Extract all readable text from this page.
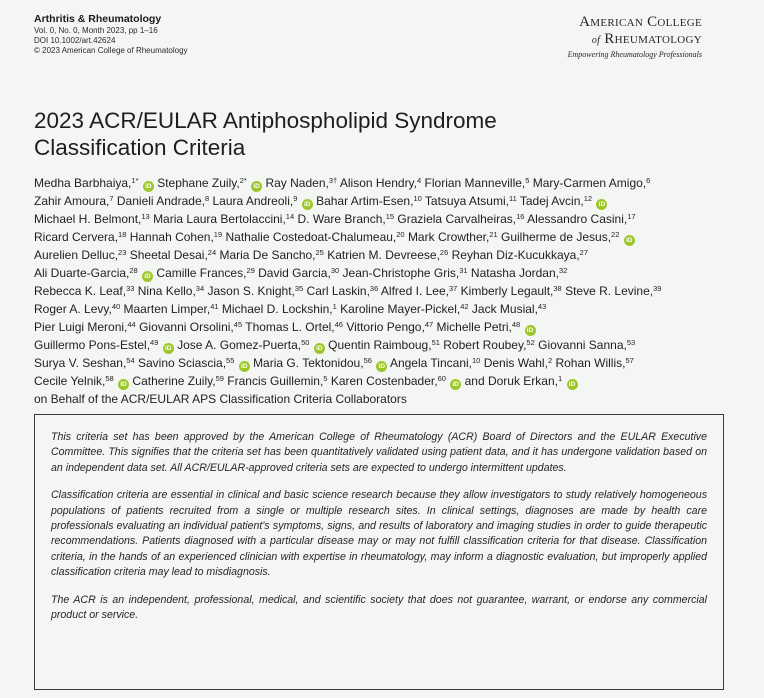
Arthritis & Rheumatology
Vol. 0, No. 0, Month 2023, pp 1–16
DOI 10.1002/art.42624
© 2023 American College of Rheumatology
American College
of Rheumatology
Empowering Rheumatology Professionals
2023 ACR/EULAR Antiphospholipid Syndrome
Classification Criteria
Medha Barbhaiya,$^{1*}$ iD Stephane Zuily,$^{2*}$ iD Ray Naden,$^{3\dagger}$ Alison Hendry,$^4$ Florian Manneville,$^5$ Mary-Carmen Amigo,$^6$
Zahir Amoura,$^7$ Danieli Andrade,$^8$ Laura Andreoli,$^9$ iD Bahar Artim-Esen,$^{10}$ Tatsuya Atsumi,$^{11}$ Tadej Avcin,$^{12}$ iD
Michael H. Belmont,$^{13}$ Maria Laura Bertolaccini,$^{14}$ D. Ware Branch,$^{15}$ Graziela Carvalheiras,$^{16}$ Alessandro Casini,$^{17}$
Ricard Cervera,$^{18}$ Hannah Cohen,$^{19}$ Nathalie Costedoat-Chalumeau,$^{20}$ Mark Crowther,$^{21}$ Guilherme de Jesus,$^{22}$ iD
Aurelien Delluc,$^{23}$ Sheetal Desai,$^{24}$ Maria De Sancho,$^{25}$ Katrien M. Devreese,$^{26}$ Reyhan Diz-Kucukkaya,$^{27}$
Ali Duarte-Garcia,$^{28}$ iD Camille Frances,$^{29}$ David Garcia,$^{30}$ Jean-Christophe Gris,$^{31}$ Natasha Jordan,$^{32}$
Rebecca K. Leaf,$^{33}$ Nina Kello,$^{34}$ Jason S. Knight,$^{35}$ Carl Laskin,$^{36}$ Alfred I. Lee,$^{37}$ Kimberly Legault,$^{38}$ Steve R. Levine,$^{39}$
Roger A. Levy,$^{40}$ Maarten Limper,$^{41}$ Michael D. Lockshin,$^1$ Karoline Mayer-Pickel,$^{42}$ Jack Musial,$^{43}$
Pier Luigi Meroni,$^{44}$ Giovanni Orsolini,$^{45}$ Thomas L. Ortel,$^{46}$ Vittorio Pengo,$^{47}$ Michelle Petri,$^{48}$ iD
Guillermo Pons-Estel,$^{49}$ iD Jose A. Gomez-Puerta,$^{50}$ iD Quentin Raimboug,$^{51}$ Robert Roubey,$^{52}$ Giovanni Sanna,$^{53}$
Surya V. Seshan,$^{54}$ Savino Sciascia,$^{55}$ iD Maria G. Tektonidou,$^{56}$ iD Angela Tincani,$^{10}$ Denis Wahl,$^2$ Rohan Willis,$^{57}$
Cecile Yelnik,$^{58}$ iD Catherine Zuily,$^{59}$ Francis Guillemin,$^5$ Karen Costenbader,$^{60}$ iD and Doruk Erkan,$^1$ iD
on Behalf of the ACR/EULAR APS Classification Criteria Collaborators

This criteria set has been approved by the American College of Rheumatology (ACR) Board of Directors and the EULAR Executive Committee. This signifies that the criteria set has been quantitatively validated using patient data, and it has undergone validation based on an independent data set. All ACR/EULAR-approved criteria sets are expected to undergo intermittent updates.

Classification criteria are essential in clinical and basic science research because they allow investigators to study relatively homogeneous populations of patients recruited from a single or multiple research sites. In clinical settings, diagnoses are made by health care professionals evaluating an individual patient's symptoms, signs, and results of laboratory and imaging studies in order to guide therapeutic recommendations. Patients diagnosed with a particular disease may or may not fulfill classification criteria for that disease. Classification criteria, in the hands of an experienced clinician with expertise in rheumatology, may inform a diagnostic evaluation, but improperly applied classification criteria may lead to misdiagnosis.

The ACR is an independent, professional, medical, and scientific society that does not guarantee, warrant, or endorse any commercial product or service.
